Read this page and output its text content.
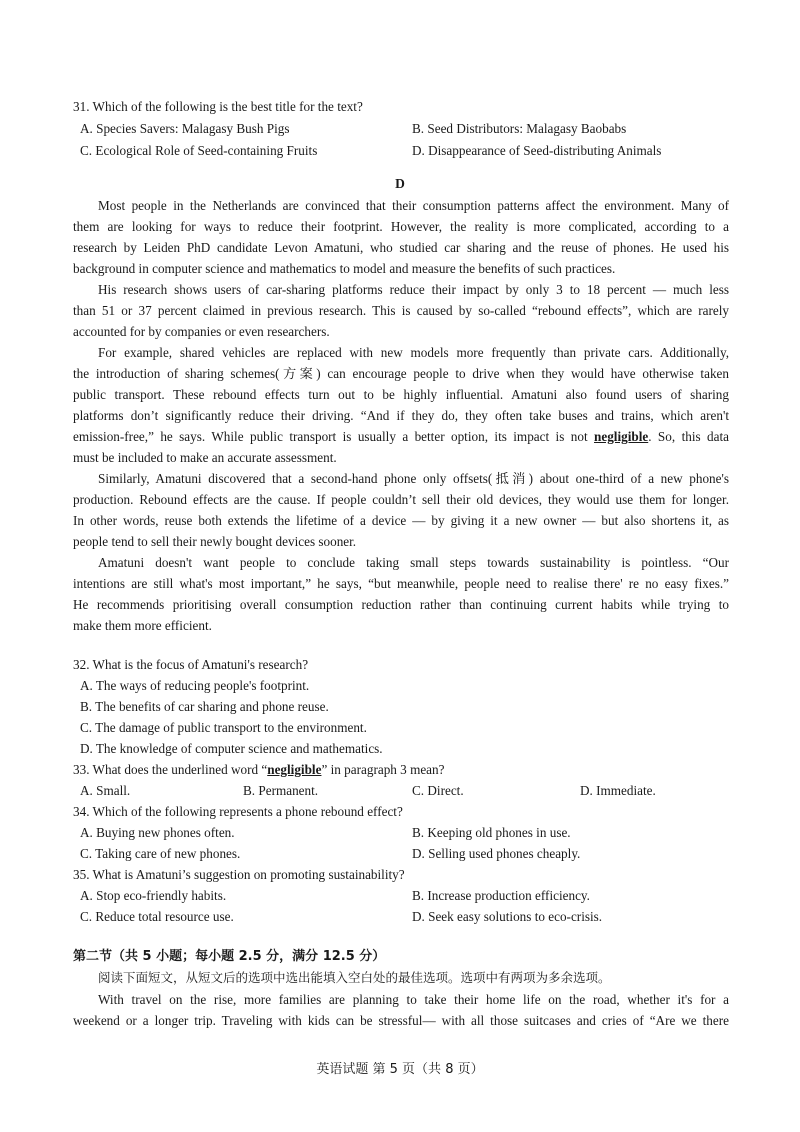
31. Which of the following is the best title for the text?
A. Species Savers: Malagasy Bush Pigs	B. Seed Distributors: Malagasy Baobabs
C. Ecological Role of Seed-containing Fruits	D. Disappearance of Seed-distributing Animals
D
Most people in the Netherlands are convinced that their consumption patterns affect the environment. Many of
them are looking for ways to reduce their footprint. However, the reality is more complicated, according to a
research by Leiden PhD candidate Levon Amatuni, who studied car sharing and the reuse of phones. He used his
background in computer science and mathematics to model and measure the benefits of such practices.
His research shows users of car-sharing platforms reduce their impact by only 3 to 18 percent — much less
than 51 or 37 percent claimed in previous research. This is caused by so-called “rebound effects”, which are rarely
accounted for by companies or even researchers.
For example, shared vehicles are replaced with new models more frequently than private cars. Additionally,
the introduction of sharing schemes(方案) can encourage people to drive when they would have otherwise taken
public transport. These rebound effects turn out to be highly influential. Amatuni also found users of sharing
platforms don’t significantly reduce their driving. “And if they do, they often take buses and trains, which aren't
emission-free,” he says. While public transport is usually a better option, its impact is not negligible. So, this data
must be included to make an accurate assessment.
Similarly, Amatuni discovered that a second-hand phone only offsets(抵消) about one-third of a new phone's
production. Rebound effects are the cause. If people couldn’t sell their old devices, they would use them for longer.
In other words, reuse both extends the lifetime of a device — by giving it a new owner — but also shortens it, as
people tend to sell their newly bought devices sooner.
Amatuni doesn't want people to conclude taking small steps towards sustainability is pointless. “Our
intentions are still what's most important,” he says, “but meanwhile, people need to realise there' re no easy fixes.”
He recommends prioritising overall consumption reduction rather than continuing current habits while trying to
make them more efficient.
32. What is the focus of Amatuni's research?
A. The ways of reducing people's footprint.
B. The benefits of car sharing and phone reuse.
C. The damage of public transport to the environment.
D. The knowledge of computer science and mathematics.
33. What does the underlined word “negligible” in paragraph 3 mean?
A. Small.	B. Permanent.	C. Direct.	D. Immediate.
34. Which of the following represents a phone rebound effect?
A. Buying new phones often.	B. Keeping old phones in use.
C. Taking care of new phones.	D. Selling used phones cheaply.
35. What is Amatuni’s suggestion on promoting sustainability?
A. Stop eco-friendly habits.	B. Increase production efficiency.
C. Reduce total resource use.	D. Seek easy solutions to eco-crisis.
第二节（共 5 小题；每小题 2.5 分，满分 12.5 分）
阅读下面短文，从短文后的选项中选出能填入空白处的最佳选项。选项中有两项为多余选项。
With travel on the rise, more families are planning to take their home life on the road, whether it's for a
weekend or a longer trip. Traveling with kids can be stressful— with all those suitcases and cries of “Are we there
英语试题 第 5 页（共 8 页）
